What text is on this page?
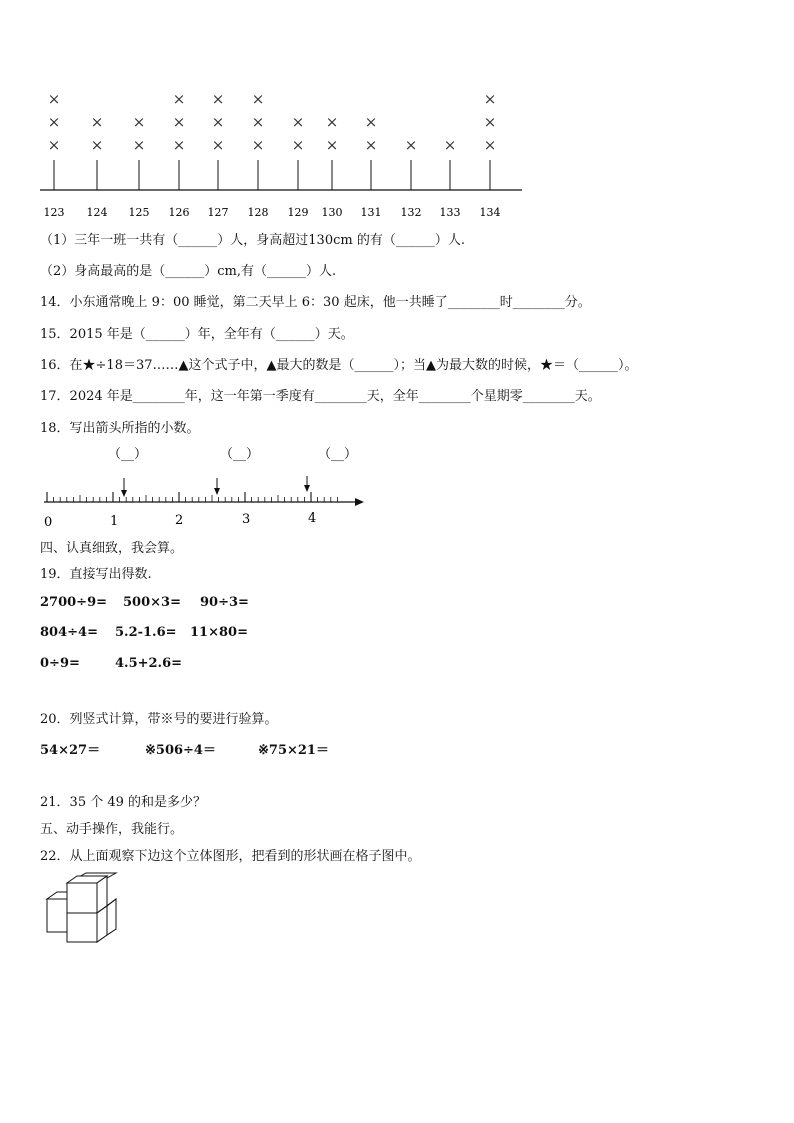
123
×
×
×
124
×
×
125
×
×
126
×
×
×
127
×
×
×
128
×
×
×
129
×
×
130
×
×
131
×
×
132
×
133
×
134
×
×
×
（1）三年一班一共有（______）人，身高超过130cm 的有（______）人.
（2）身高最高的是（______）cm,有（______）人.
14．小东通常晚上 9：00 睡觉，第二天早上 6：30 起床，他一共睡了________时________分。
15．2015 年是（______）年，全年有（______）天。
16．在★÷18＝37……▲这个式子中，▲最大的数是（______）；当▲为最大数的时候，★＝（______）。
17．2024 年是________年，这一年第一季度有________天，全年________个星期零________天。
18．写出箭头所指的小数。
（__）	（__）	（__）
0	1	2	3	4
四、认真细致，我会算。
19．直接写出得数.
2700÷9= 500×3= 90÷3=
804÷4= 5.2-1.6= 11×80=
0÷9=	4.5+2.6=
20．列竖式计算，带※号的要进行验算。
54×27＝	※506÷4＝	※75×21＝
21．35 个 49 的和是多少？
五、动手操作，我能行。
22．从上面观察下边这个立体图形，把看到的形状画在格子图中。
